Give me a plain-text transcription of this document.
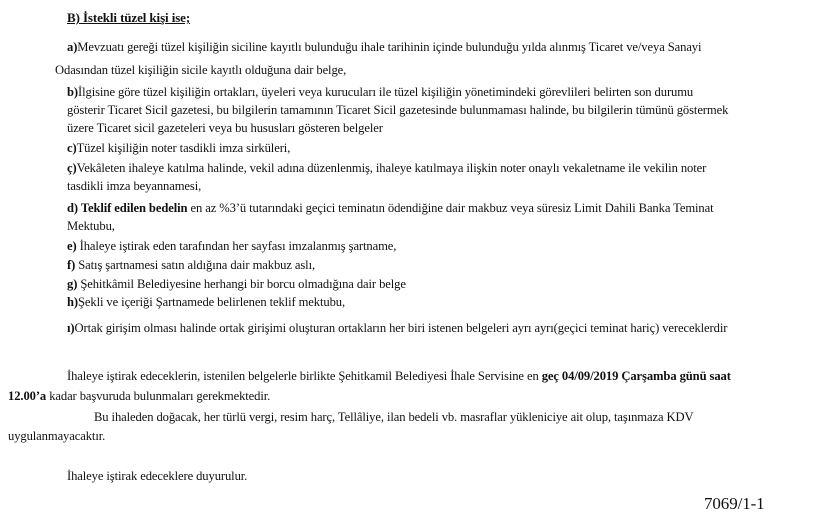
B) İstekli tüzel kişi ise;
a)Mevzuatı gereği tüzel kişiliğin siciline kayıtlı bulunduğu ihale tarihinin içinde bulunduğu yılda alınmış Ticaret ve/veya Sanayi
Odasından tüzel kişiliğin sicile kayıtlı olduğuna dair belge,
b)İlgisine göre tüzel kişiliğin ortakları, üyeleri veya kurucuları ile tüzel kişiliğin yönetimindeki görevlileri belirten son durumu
gösterir Ticaret Sicil gazetesi, bu bilgilerin tamamının Ticaret Sicil gazetesinde bulunmaması halinde, bu bilgilerin tümünü göstermek
üzere Ticaret sicil gazeteleri veya bu hususları gösteren belgeler
c)Tüzel kişiliğin noter tasdikli imza sirküleri,
ç)Vekâleten ihaleye katılma halinde, vekil adına düzenlenmiş, ihaleye katılmaya ilişkin noter onaylı vekaletname ile vekilin noter
tasdikli imza beyannamesi,
d) Teklif edilen bedelin en az %3’ü tutarındaki geçici teminatın ödendiğine dair makbuz veya süresiz Limit Dahili Banka Teminat
Mektubu,
e) İhaleye iştirak eden tarafından her sayfası imzalanmış şartname,
f) Satış şartnamesi satın aldığına dair makbuz aslı,
g) Şehitkâmil Belediyesine herhangi bir borcu olmadığına dair belge
h)Şekli ve içeriği Şartnamede belirlenen teklif mektubu,
ı)Ortak girişim olması halinde ortak girişimi oluşturan ortakların her biri istenen belgeleri ayrı ayrı(geçici teminat hariç) vereceklerdir
İhaleye iştirak edeceklerin, istenilen belgelerle birlikte Şehitkamil Belediyesi İhale Servisine en geç 04/09/2019 Çarşamba günü saat
12.00’a kadar başvuruda bulunmaları gerekmektedir.
Bu ihaleden doğacak, her türlü vergi, resim harç, Tellâliye, ilan bedeli vb. masraflar yükleniciye ait olup, taşınmaza KDV
uygulanmayacaktır.
İhaleye iştirak edeceklere duyurulur.
7069/1-1
